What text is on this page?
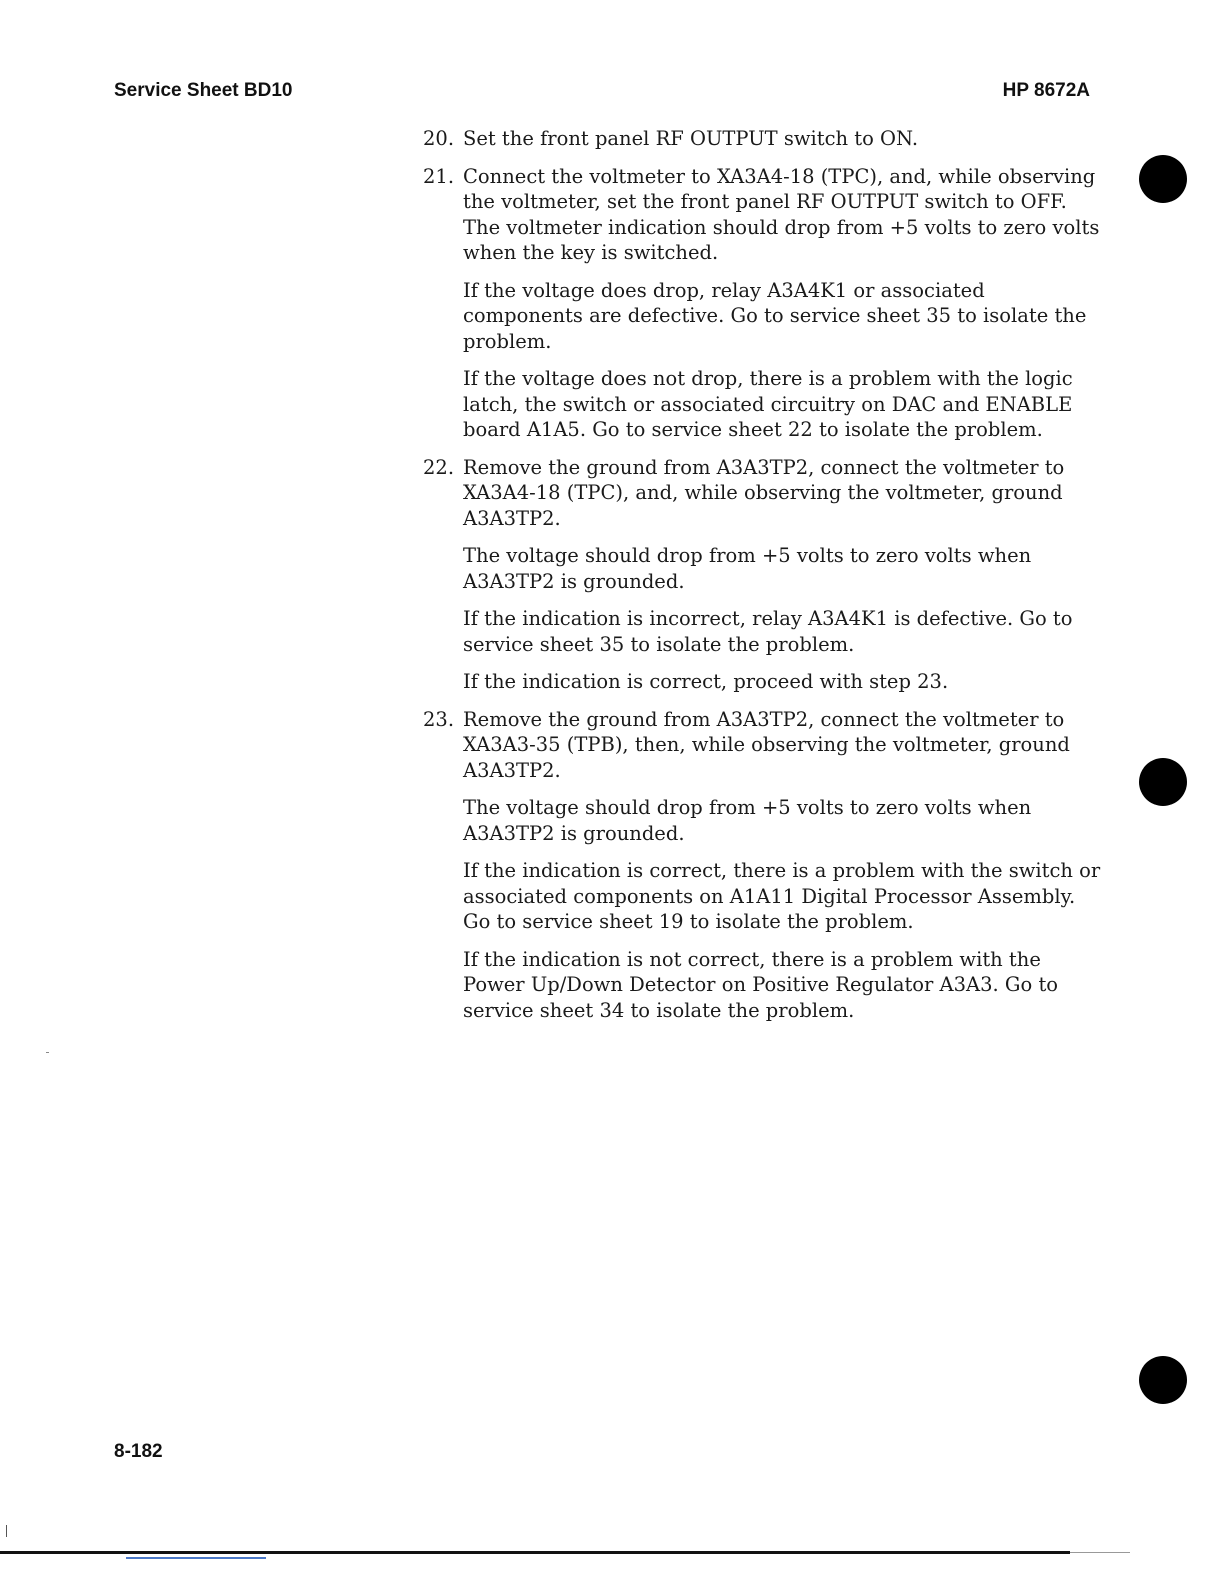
Service Sheet BD10	HP 8672A
20. Set the front panel RF OUTPUT switch to ON.

21. Connect the voltmeter to XA3A4-18 (TPC), and, while observing the voltmeter, set the front panel RF OUTPUT switch to OFF. The voltmeter indication should drop from +5 volts to zero volts when the key is switched.

If the voltage does drop, relay A3A4K1 or associated components are defective. Go to service sheet 35 to isolate the problem.

If the voltage does not drop, there is a problem with the logic latch, the switch or associated circuitry on DAC and ENABLE board A1A5. Go to service sheet 22 to isolate the problem.

22. Remove the ground from A3A3TP2, connect the voltmeter to XA3A4-18 (TPC), and, while observing the voltmeter, ground A3A3TP2.

The voltage should drop from +5 volts to zero volts when A3A3TP2 is grounded.

If the indication is incorrect, relay A3A4K1 is defective. Go to service sheet 35 to isolate the problem.

If the indication is correct, proceed with step 23.

23. Remove the ground from A3A3TP2, connect the voltmeter to XA3A3-35 (TPB), then, while observing the voltmeter, ground A3A3TP2.

The voltage should drop from +5 volts to zero volts when A3A3TP2 is grounded.

If the indication is correct, there is a problem with the switch or associated components on A1A11 Digital Processor Assembly. Go to service sheet 19 to isolate the problem.

If the indication is not correct, there is a problem with the Power Up/Down Detector on Positive Regulator A3A3. Go to service sheet 34 to isolate the problem.

8-182
